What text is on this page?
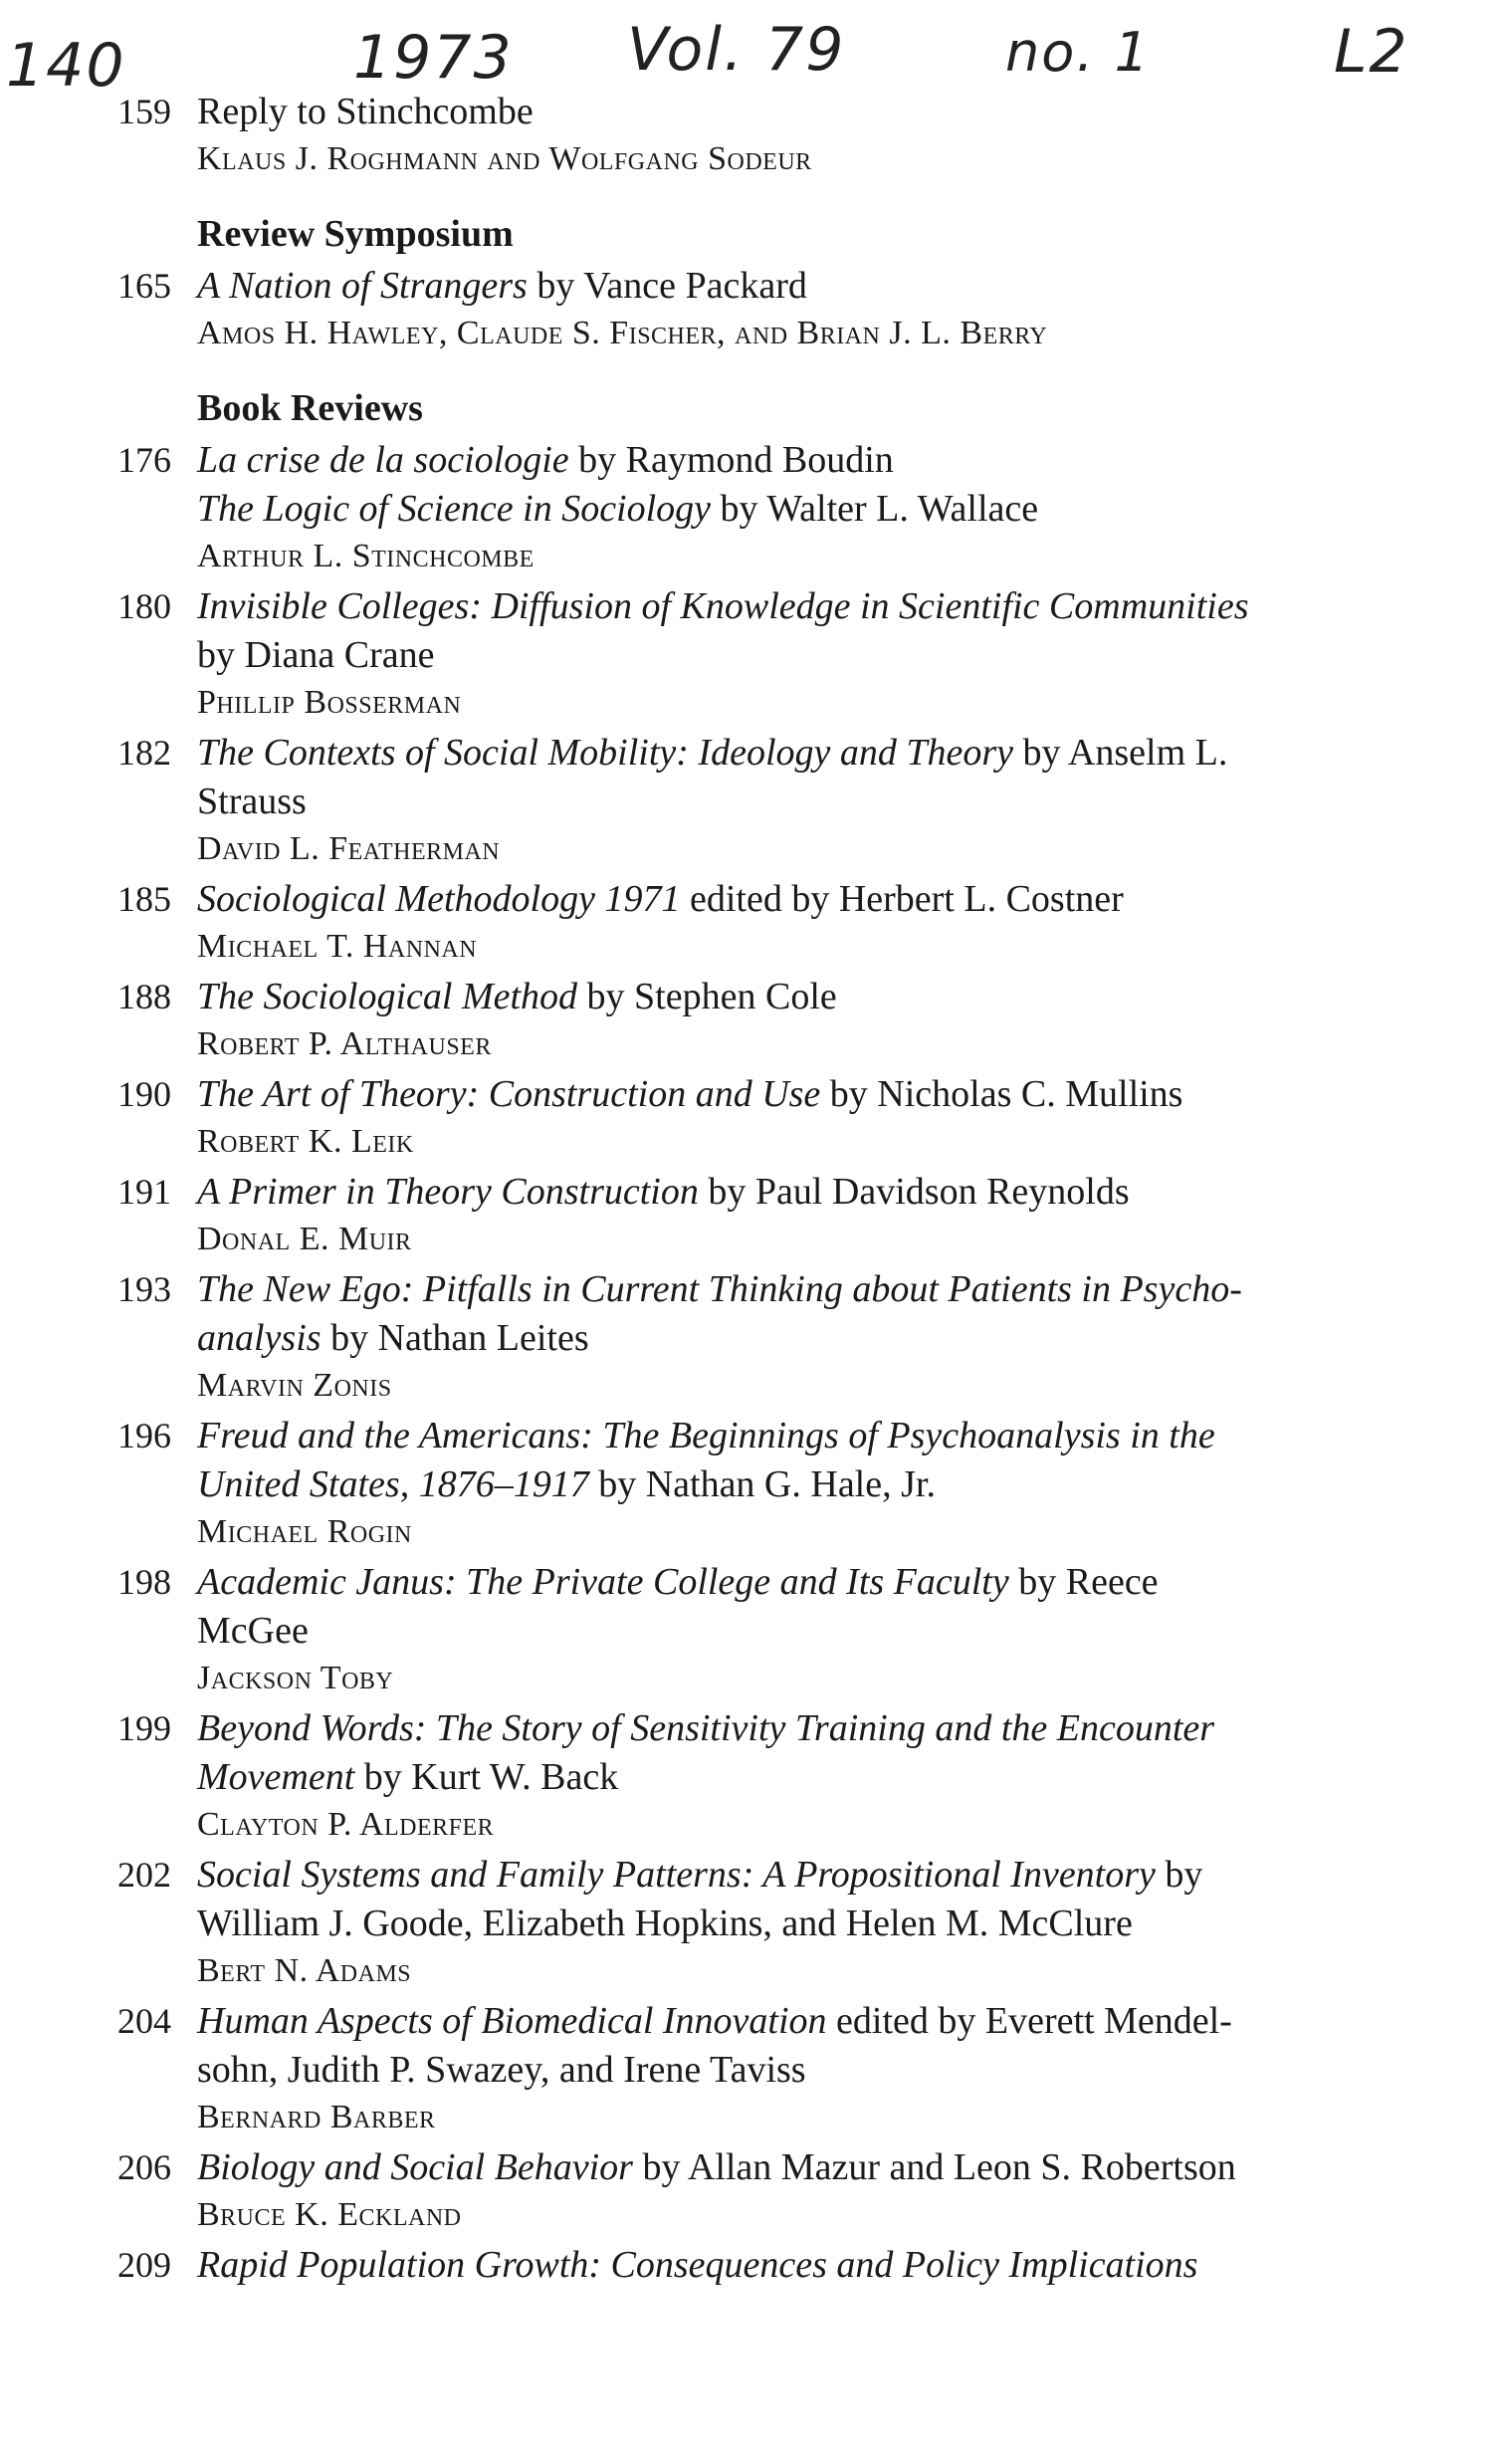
140	1973 Vol. 79	no. 1	L2
159 Reply to Stinchcombe
Klaus J. Roghmann and Wolfgang Sodeur
Review Symposium
165 A Nation of Strangers by Vance Packard
Amos H. Hawley, Claude S. Fischer, and Brian J. L. Berry
Book Reviews
176 La crise de la sociologie by Raymond Boudin
The Logic of Science in Sociology by Walter L. Wallace
Arthur L. Stinchcombe
180 Invisible Colleges: Diffusion of Knowledge in Scientific Communities
by Diana Crane
Phillip Bosserman
182 The Contexts of Social Mobility: Ideology and Theory by Anselm L.
Strauss
David L. Featherman
185 Sociological Methodology 1971 edited by Herbert L. Costner
Michael T. Hannan
188 The Sociological Method by Stephen Cole
Robert P. Althauser
190 The Art of Theory: Construction and Use by Nicholas C. Mullins
Robert K. Leik
191 A Primer in Theory Construction by Paul Davidson Reynolds
Donal E. Muir
193 The New Ego: Pitfalls in Current Thinking about Patients in Psycho-
analysis by Nathan Leites
Marvin Zonis
196 Freud and the Americans: The Beginnings of Psychoanalysis in the
United States, 1876–1917 by Nathan G. Hale, Jr.
Michael Rogin
198 Academic Janus: The Private College and Its Faculty by Reece
McGee
Jackson Toby
199 Beyond Words: The Story of Sensitivity Training and the Encounter
Movement by Kurt W. Back
Clayton P. Alderfer
202 Social Systems and Family Patterns: A Propositional Inventory by
William J. Goode, Elizabeth Hopkins, and Helen M. McClure
Bert N. Adams
204 Human Aspects of Biomedical Innovation edited by Everett Mendel-
sohn, Judith P. Swazey, and Irene Taviss
Bernard Barber
206 Biology and Social Behavior by Allan Mazur and Leon S. Robertson
Bruce K. Eckland
209 Rapid Population Growth: Consequences and Policy Implications
